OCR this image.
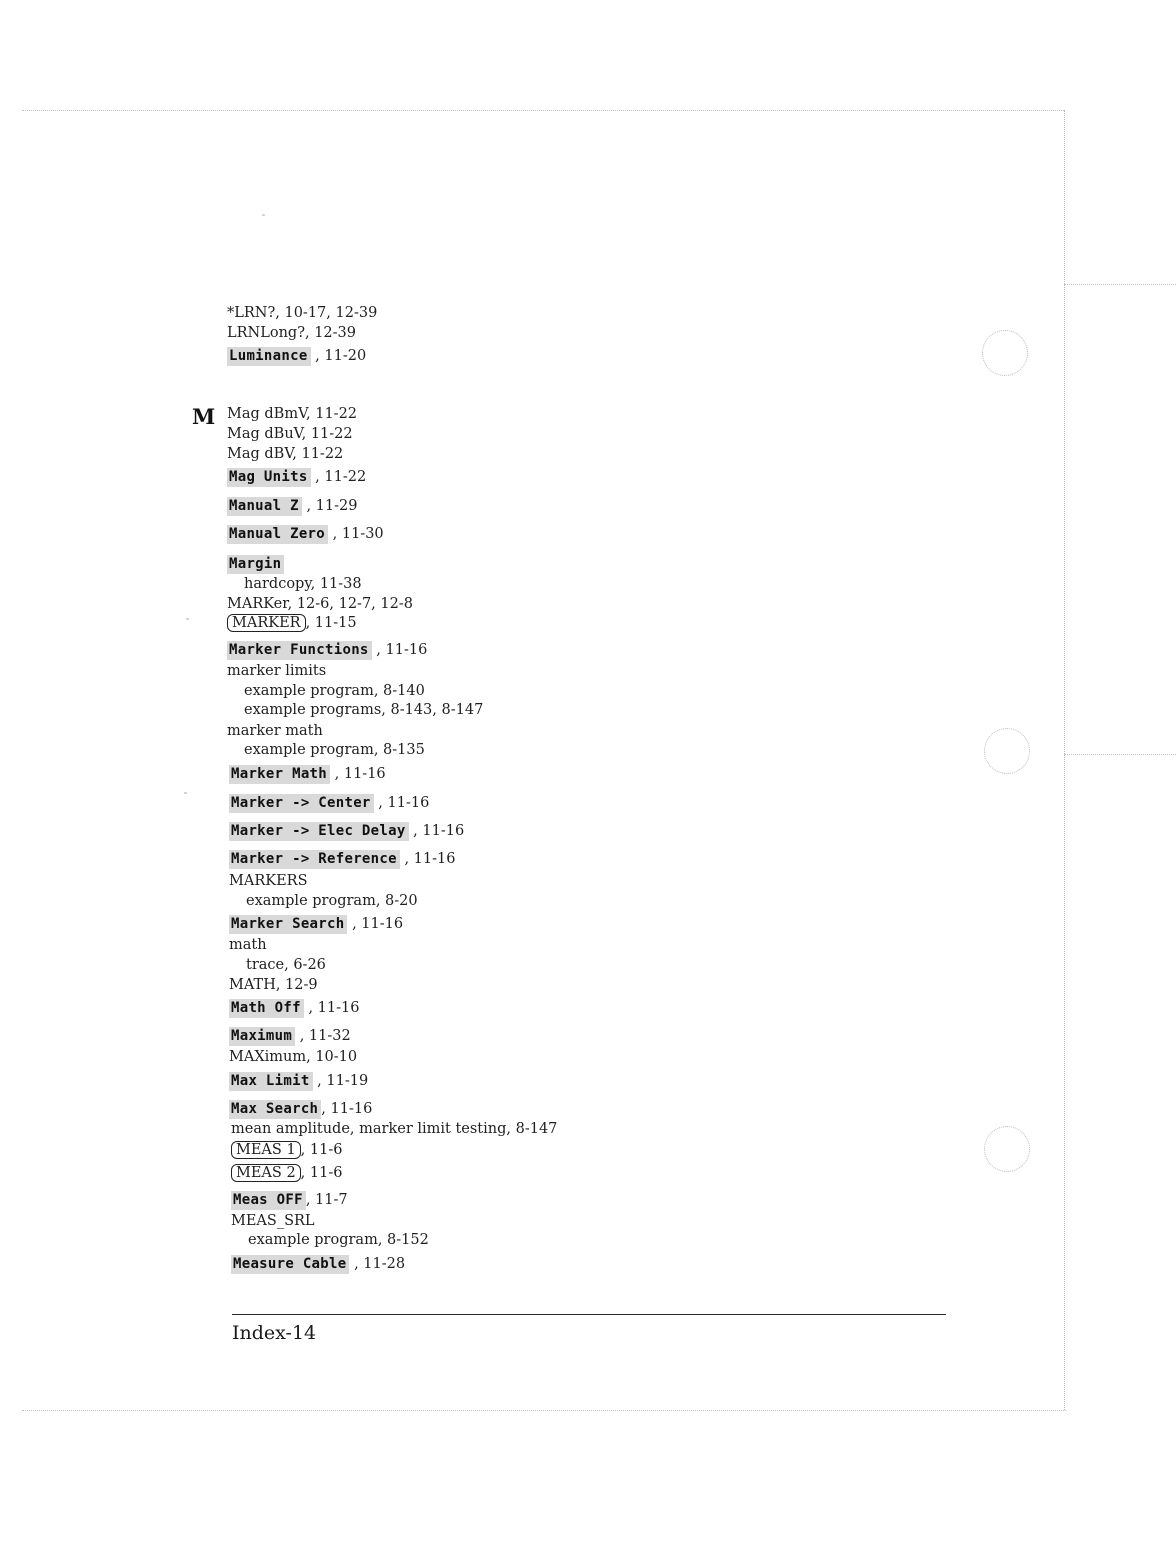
M
*LRN?, 10-17, 12-39
LRNLong?, 12-39
Luminance , 11-20
Mag dBmV, 11-22
Mag dBuV, 11-22
Mag dBV, 11-22
Mag Units , 11-22
Manual Z , 11-29
Manual Zero , 11-30
Margin
hardcopy, 11-38
MARKer, 12-6, 12-7, 12-8
MARKER , 11-15
Marker Functions , 11-16
marker limits
example program, 8-140
example programs, 8-143, 8-147
marker math
example program, 8-135
Marker Math , 11-16
Marker -> Center , 11-16
Marker -> Elec Delay , 11-16
Marker -> Reference , 11-16
MARKERS
example program, 8-20
Marker Search , 11-16
math
trace, 6-26
MATH, 12-9
Math Off , 11-16
Maximum , 11-32
MAXimum, 10-10
Max Limit , 11-19
Max Search , 11-16
mean amplitude, marker limit testing, 8-147
MEAS 1 , 11-6
MEAS 2 , 11-6
Meas OFF , 11-7
MEAS_SRL
example program, 8-152
Measure Cable , 11-28
Index-14
